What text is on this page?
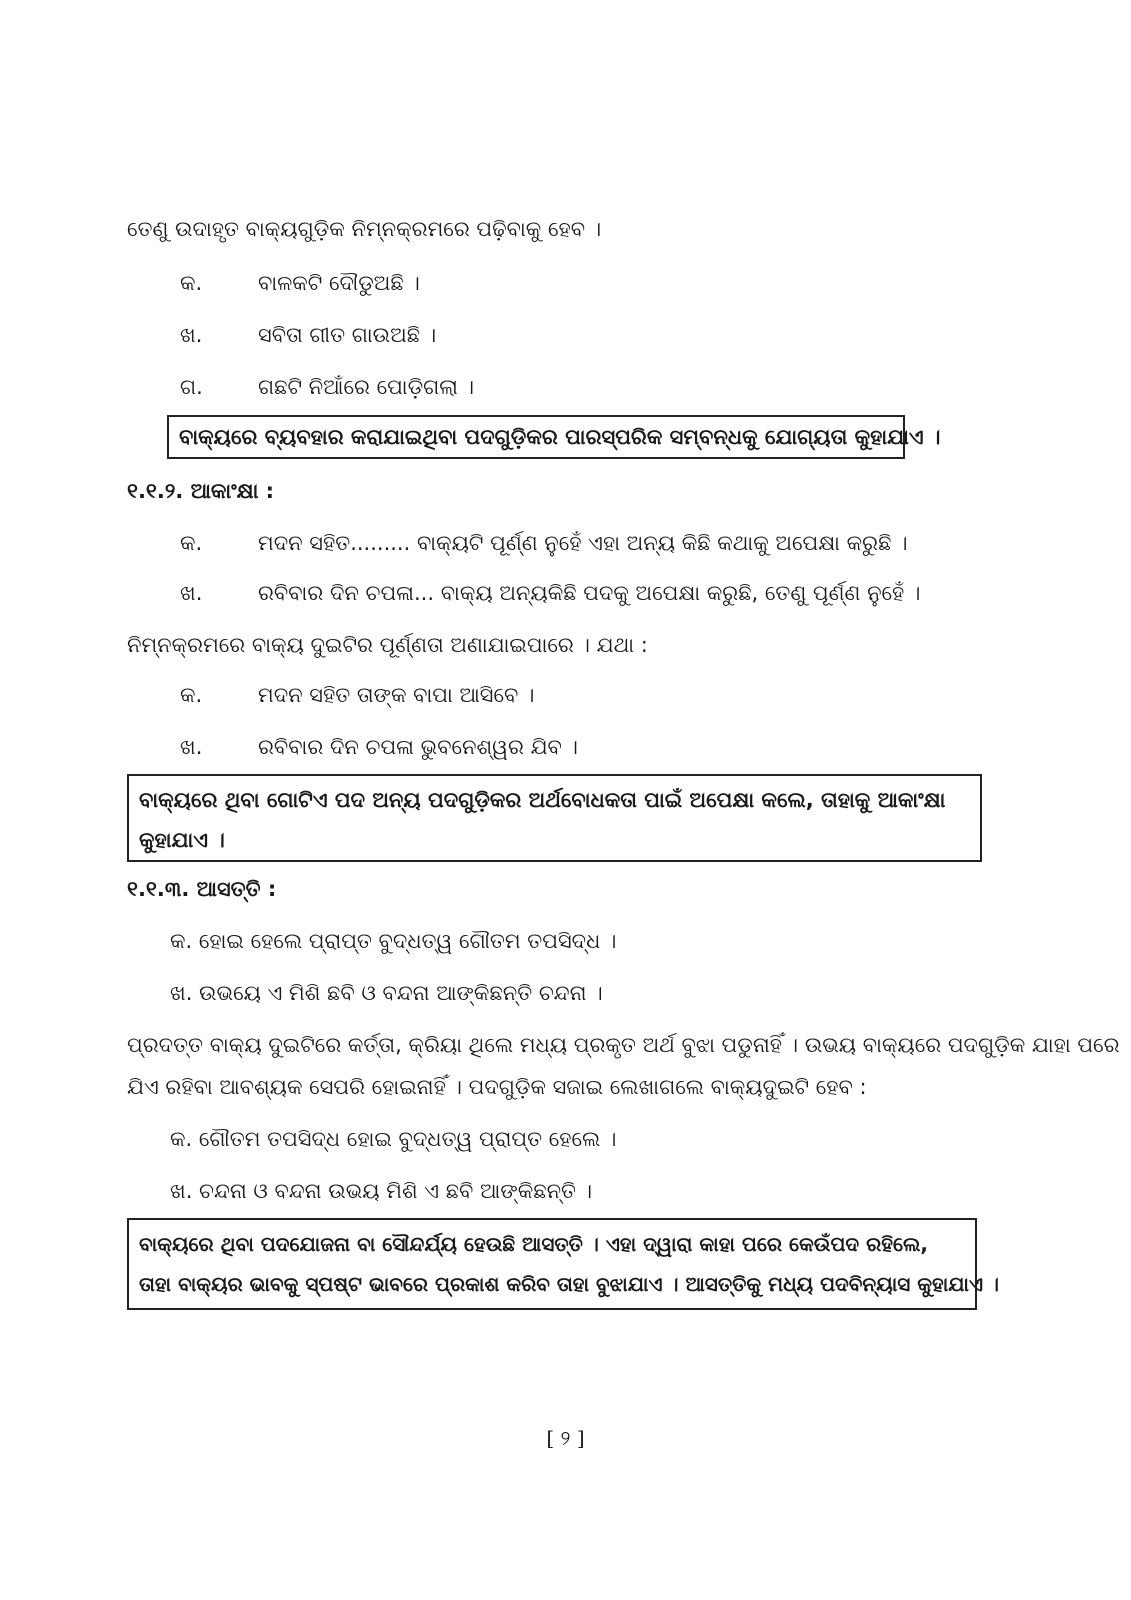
ତେଣୁ ଉଦାହୃତ ବାକ୍ୟଗୁଡ଼ିକ ନିମ୍ନକ୍ରମରେ ପଢ଼ିବାକୁ ହେବ ।
କ.	ବାଳକଟି ଦୌଡୁଅଛି ।
ଖ.	ସବିତା ଗୀତ ଗାଉଅଛି ।
ଗ.	ଗଛଟି ନିଆଁରେ ପୋଡ଼ିଗଲା ।

ବାକ୍ୟରେ ବ୍ୟବହାର କରାଯାଇଥିବା ପଦଗୁଡ଼ିକର ପାରସ୍ପରିକ ସମ୍ବନ୍ଧକୁ ଯୋଗ୍ୟତା କୁହାଯାଏ ।

୧.୧.୨. ଆକାଂକ୍ଷା :
କ.	ମଦନ ସହିତ......... ବାକ୍ୟଟି ପୂର୍ଣ୍ଣ ନୁହେଁ ଏହା ଅନ୍ୟ କିଛି କଥାକୁ ଅପେକ୍ଷା କରୁଛି ।
ଖ.	ରବିବାର ଦିନ ଚପଳା... ବାକ୍ୟ ଅନ୍ୟକିଛି ପଦକୁ ଅପେକ୍ଷା କରୁଛି, ତେଣୁ ପୂର୍ଣ୍ଣ ନୁହେଁ ।
ନିମ୍ନକ୍ରମରେ ବାକ୍ୟ ଦୁଇଟିର ପୂର୍ଣ୍ଣତା ଅଣାଯାଇପାରେ । ଯଥା :
କ.	ମଦନ ସହିତ ତାଙ୍କ ବାପା ଆସିବେ ।
ଖ.	ରବିବାର ଦିନ ଚପଳା ଭୁବନେଶ୍ୱର ଯିବ ।

ବାକ୍ୟରେ ଥିବା ଗୋଟିଏ ପଦ ଅନ୍ୟ ପଦଗୁଡ଼ିକର ଅର୍ଥବୋଧକତା ପାଇଁ ଅପେକ୍ଷା କଲେ, ତାହାକୁ ଆକାଂକ୍ଷା

କୁହାଯାଏ ।

୧.୧.୩. ଆସତ୍ତି :
କ. ହୋଇ ହେଲେ ପ୍ରାପ୍ତ ବୁଦ୍ଧତ୍ୱ ଗୌତମ ତପସିଦ୍ଧ ।
ଖ. ଉଭୟେ ଏ ମିଶି ଛବି ଓ ବନ୍ଦନା ଆଙ୍କିଛନ୍ତି ଚନ୍ଦନା ।
ପ୍ରଦତ୍ତ ବାକ୍ୟ ଦୁଇଟିରେ କର୍ତ୍ତା, କ୍ରିୟା ଥିଲେ ମଧ୍ୟ ପ୍ରକୃତ ଅର୍ଥ ବୁଝା ପଡୁନାହିଁ । ଉଭୟ ବାକ୍ୟରେ ପଦଗୁଡ଼ିକ ଯାହା ପରେ
ଯିଏ ରହିବା ଆବଶ୍ୟକ ସେପରି ହୋଇନାହିଁ । ପଦଗୁଡ଼ିକ ସଜାଇ ଲେଖାଗଲେ ବାକ୍ୟଦୁଇଟି ହେବ :
କ. ଗୌତମ ତପସିଦ୍ଧ ହୋଇ ବୁଦ୍ଧତ୍ୱ ପ୍ରାପ୍ତ ହେଲେ ।
ଖ. ଚନ୍ଦନା ଓ ବନ୍ଦନା ଉଭୟ ମିଶି ଏ ଛବି ଆଙ୍କିଛନ୍ତି ।

ବାକ୍ୟରେ ଥିବା ପଦଯୋଜନା ବା ସୌନ୍ଦର୍ଯ୍ୟ ହେଉଛି ଆସତ୍ତି । ଏହା ଦ୍ୱାରା କାହା ପରେ କେଉଁପଦ ରହିଲେ,

ତାହା ବାକ୍ୟର ଭାବକୁ ସ୍ପଷ୍ଟ ଭାବରେ ପ୍ରକାଶ କରିବ ତାହା ବୁଝାଯାଏ । ଆସତ୍ତିକୁ ମଧ୍ୟ ପଦବିନ୍ୟାସ କୁହାଯାଏ ।

[ ୨ ]
